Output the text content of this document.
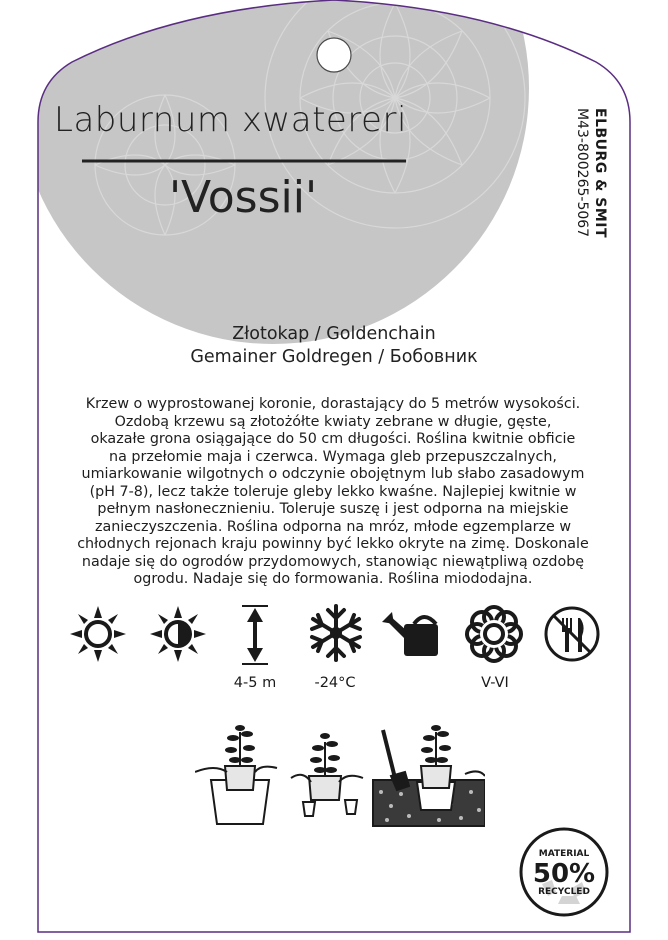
Laburnum xwatereri
'Vossii'	ELBURG & SMIT
M43-800265-5067
Złotokap / Goldenchain
Gemainer Goldregen / Бобовник
Krzew o wyprostowanej koronie, dorastający do 5 metrów wysokości.
Ozdobą krzewu są złotożółte kwiaty zebrane w długie, gęste,
okazałe grona osiągające do 50 cm długości. Roślina kwitnie obficie
na przełomie maja i czerwca. Wymaga gleb przepuszczalnych,
umiarkowanie wilgotnych o odczynie obojętnym lub słabo zasadowym
(pH 7-8), lecz także toleruje gleby lekko kwaśne. Najlepiej kwitnie w
pełnym nasłonecznieniu. Toleruje suszę i jest odporna na miejskie
zanieczyszczenia. Roślina odporna na mróz, młode egzemplarze w
chłodnych rejonach kraju powinny być lekko okryte na zimę. Doskonale
nadaje się do ogrodów przydomowych, stanowiąc niewątpliwą ozdobę
ogrodu. Nadaje się do formowania. Roślina miododajna.
4-5 m	-24°C	V-VI
MATERIAL
50%
RECYCLED
